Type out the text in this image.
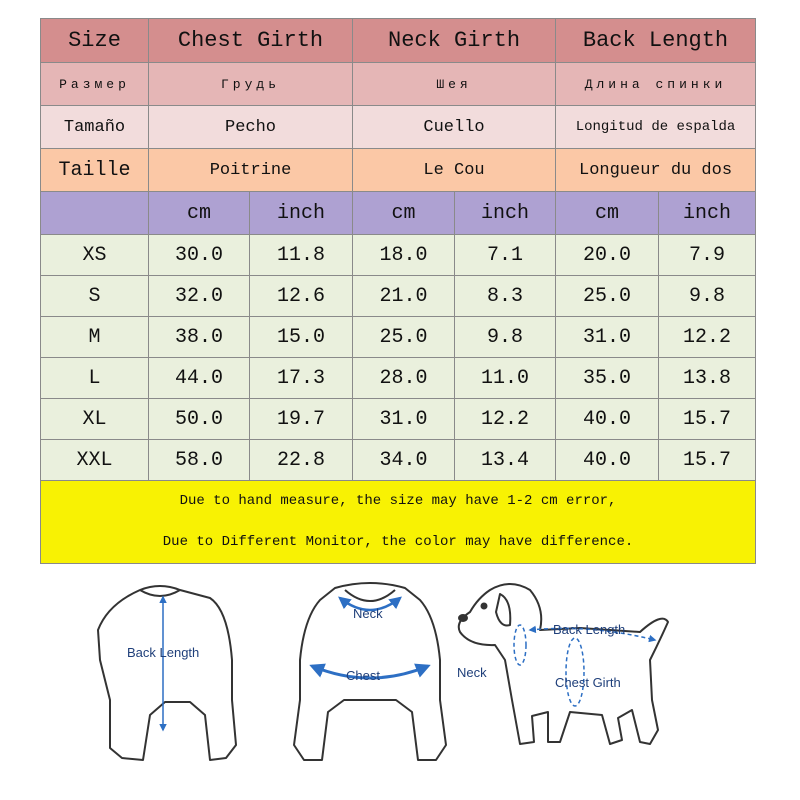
Size	Chest Girth		Neck Girth		Back Length	
Размер	Грудь		Шея		Длина спинки	
Tamaño	Pecho		Cuello		Longitud de espalda	
Taille	Poitrine		Le Cou		Longueur du dos	
	cm	inch	cm	inch	cm	inch
XS	30.0	11.8	18.0	7.1	20.0	7.9
S	32.0	12.6	21.0	8.3	25.0	9.8
M	38.0	15.0	25.0	9.8	31.0	12.2
L	44.0	17.3	28.0	11.0	35.0	13.8
XL	50.0	19.7	31.0	12.2	40.0	15.7
XXL	58.0	22.8	34.0	13.4	40.0	15.7

Due to hand measure, the size may have 1-2 cm error,
Due to Different Monitor, the color may have difference.						
Back Length
Neck
Chest
Back Length
Neck
Chest Girth
